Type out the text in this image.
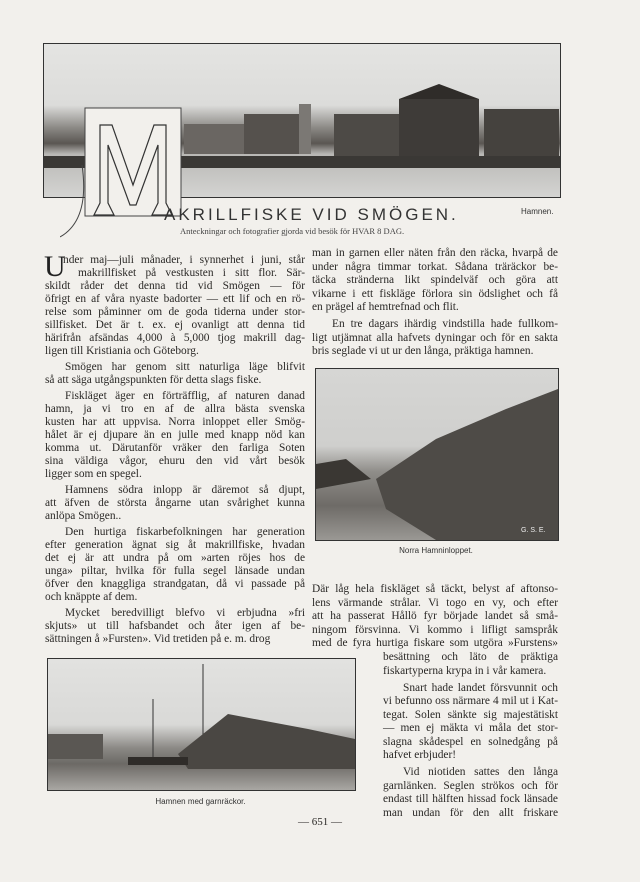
Hamnen.
AKRILLFISKE VID SMÖGEN.
Anteckningar och fotografier gjorda vid besök för HVAR 8 DAG.
U
nder maj—juli månader, i synnerhet i juni, står
makrillfisket på vestkusten i sitt flor. Sär-
skildt råder det denna tid vid Smögen — för
öfrigt en af våra nyaste badorter — ett lif och en rö-
relse som påminner om de goda tiderna under stor-
sillfisket. Det är t. ex. ej ovanligt att denna tid
härifrån afsändas 4,000 à 5,000 tjog makrill dag-
ligen till Kristiania och Göteborg.
Smögen har genom sitt naturliga läge blifvit
så att säga utgångspunkten för detta slags fiske.
Fiskläget äger en förträfflig, af naturen danad
hamn, ja vi tro en af de allra bästa svenska
kusten har att uppvisa. Norra inloppet eller Smög-
hålet är ej djupare än en julle med knapp nöd kan
komma ut. Därutanför vräker den farliga Soten
sina väldiga vågor, ehuru den vid vårt besök
ligger som en spegel.
Hamnens södra inlopp är däremot så djupt,
att äfven de största ångarne utan svårighet kunna
anlöpa Smögen..
Den hurtiga fiskarbefolkningen har generation
efter generation ägnat sig åt makrillfiske, hvadan
det ej är att undra på om »arten röjes hos de
unga» piltar, hvilka för fulla segel länsade undan
öfver den knaggliga strandgatan, då vi passade på
och knäppte af dem.
Mycket beredvilligt blefvo vi erbjudna »fri
skjuts» ut till hafsbandet och åter igen af be-
sättningen å »Fursten». Vid tretiden på e. m. drog
man in garnen eller näten från den räcka, hvarpå de
under några timmar torkat. Sådana träräckor be-
täcka stränderna likt spindelväf och göra att
vikarne i ett fiskläge förlora sin ödslighet och få
en prägel af hemtrefnad och flit.
En tre dagars ihärdig vindstilla hade fullkom-
ligt utjämnat alla hafvets dyningar och för en sakta
bris seglade vi ut ur den långa, präktiga hamnen.
G. S. E.
Norra Hamninloppet.
Där låg hela fiskläget så täckt, belyst af aftonso-
lens värmande strålar. Vi togo en vy, och efter
att ha passerat Hållö fyr började landet så små-
ningom försvinna. Vi kommo i lifligt samspråk
med de fyra hurtiga fiskare som utgöra »Furstens»
besättning och läto de präktiga
fiskartyperna krypa in i vår kamera.
Snart hade landet försvunnit och
vi befunno oss närmare 4 mil ut i Kat-
tegat. Solen sänkte sig majestätiskt
— men ej mäkta vi måla det stor-
slagna skådespel en solnedgång på
hafvet erbjuder!
Vid niotiden sattes den långa
garnlänken. Seglen strökos och för
endast till hälften hissad fock länsade
man undan för den allt friskare
Hamnen med garnräckor.
— 651 —
